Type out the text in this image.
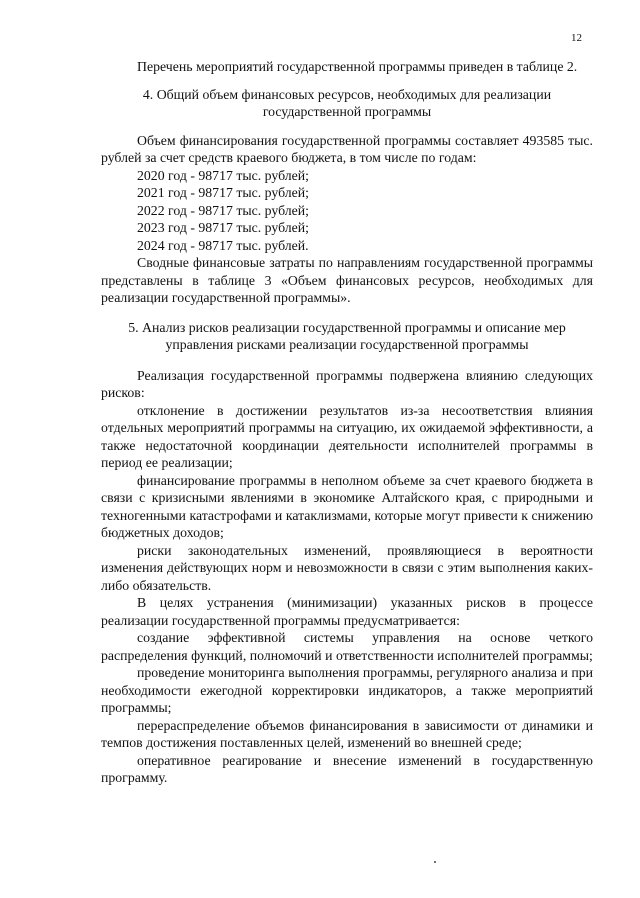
12

Перечень мероприятий государственной программы приведен в таблице 2.

4. Общий объем финансовых ресурсов, необходимых для реализации государственной программы

Объем финансирования государственной программы составляет 493585 тыс. рублей за счет средств краевого бюджета, в том числе по годам:

2020 год - 98717 тыс. рублей;

2021 год - 98717 тыс. рублей;

2022 год - 98717 тыс. рублей;

2023 год - 98717 тыс. рублей;

2024 год - 98717 тыс. рублей.

Сводные финансовые затраты по направлениям государственной программы представлены в таблице 3 «Объем финансовых ресурсов, необходимых для реализации государственной программы».

5. Анализ рисков реализации государственной программы и описание мер управления рисками реализации государственной программы

Реализация государственной программы подвержена влиянию следующих рисков:

отклонение в достижении результатов из-за несоответствия влияния отдельных мероприятий программы на ситуацию, их ожидаемой эффективности, а также недостаточной координации деятельности исполнителей программы в период ее реализации;

финансирование программы в неполном объеме за счет краевого бюджета в связи с кризисными явлениями в экономике Алтайского края, с природными и техногенными катастрофами и катаклизмами, которые могут привести к снижению бюджетных доходов;

риски законодательных изменений, проявляющиеся в вероятности изменения действующих норм и невозможности в связи с этим выполнения каких-либо обязательств.

В целях устранения (минимизации) указанных рисков в процессе реализации государственной программы предусматривается:

создание эффективной системы управления на основе четкого распределения функций, полномочий и ответственности исполнителей программы;

проведение мониторинга выполнения программы, регулярного анализа и при необходимости ежегодной корректировки индикаторов, а также мероприятий программы;

перераспределение объемов финансирования в зависимости от динамики и темпов достижения поставленных целей, изменений во внешней среде;

оперативное реагирование и внесение изменений в государственную программу.
